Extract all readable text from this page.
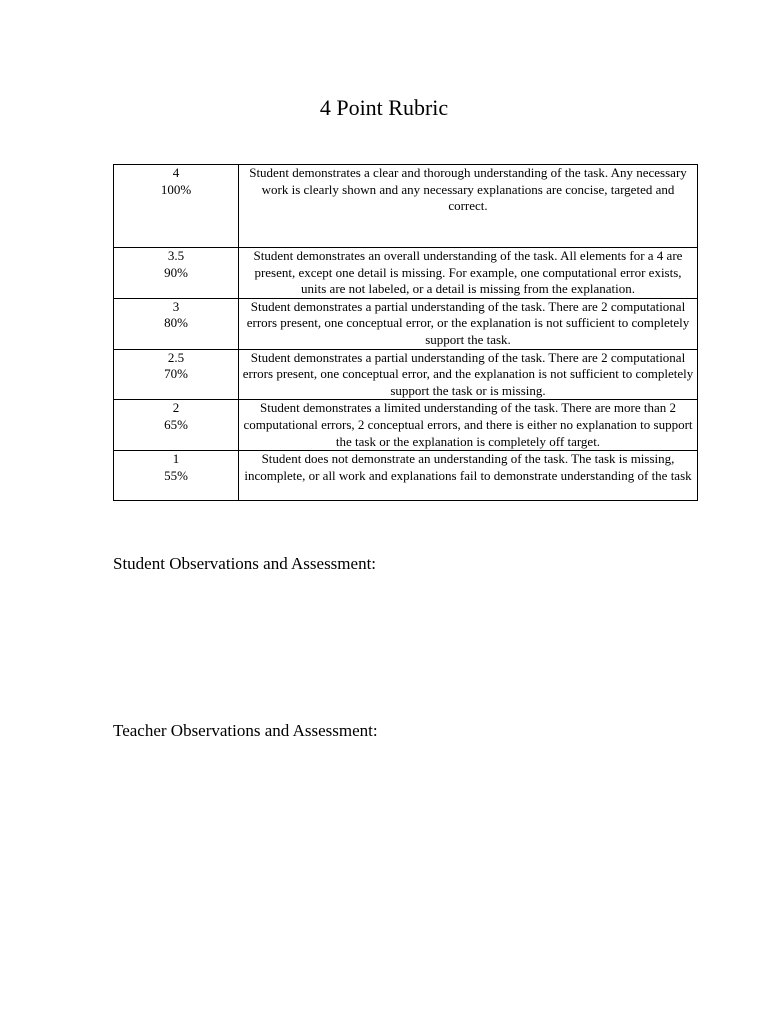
4 Point Rubric
4
100%	Student demonstrates a clear and thorough understanding of the task. Any necessary work is clearly shown and any necessary explanations are concise, targeted and correct.

3.5
90%	Student demonstrates an overall understanding of the task. All elements for a 4 are present, except one detail is missing. For example, one computational error exists, units are not labeled, or a detail is missing from the explanation.

3
80%	Student demonstrates a partial understanding of the task. There are 2 computational errors present, one conceptual error, or the explanation is not sufficient to completely support the task.

2.5
70%	Student demonstrates a partial understanding of the task. There are 2 computational errors present, one conceptual error, and the explanation is not sufficient to completely support the task or is missing.

2
65%	Student demonstrates a limited understanding of the task. There are more than 2 computational errors, 2 conceptual errors, and there is either no explanation to support the task or the explanation is completely off target.

1
55%	Student does not demonstrate an understanding of the task. The task is missing, incomplete, or all work and explanations fail to demonstrate understanding of the task
Student Observations and Assessment:
Teacher Observations and Assessment:
